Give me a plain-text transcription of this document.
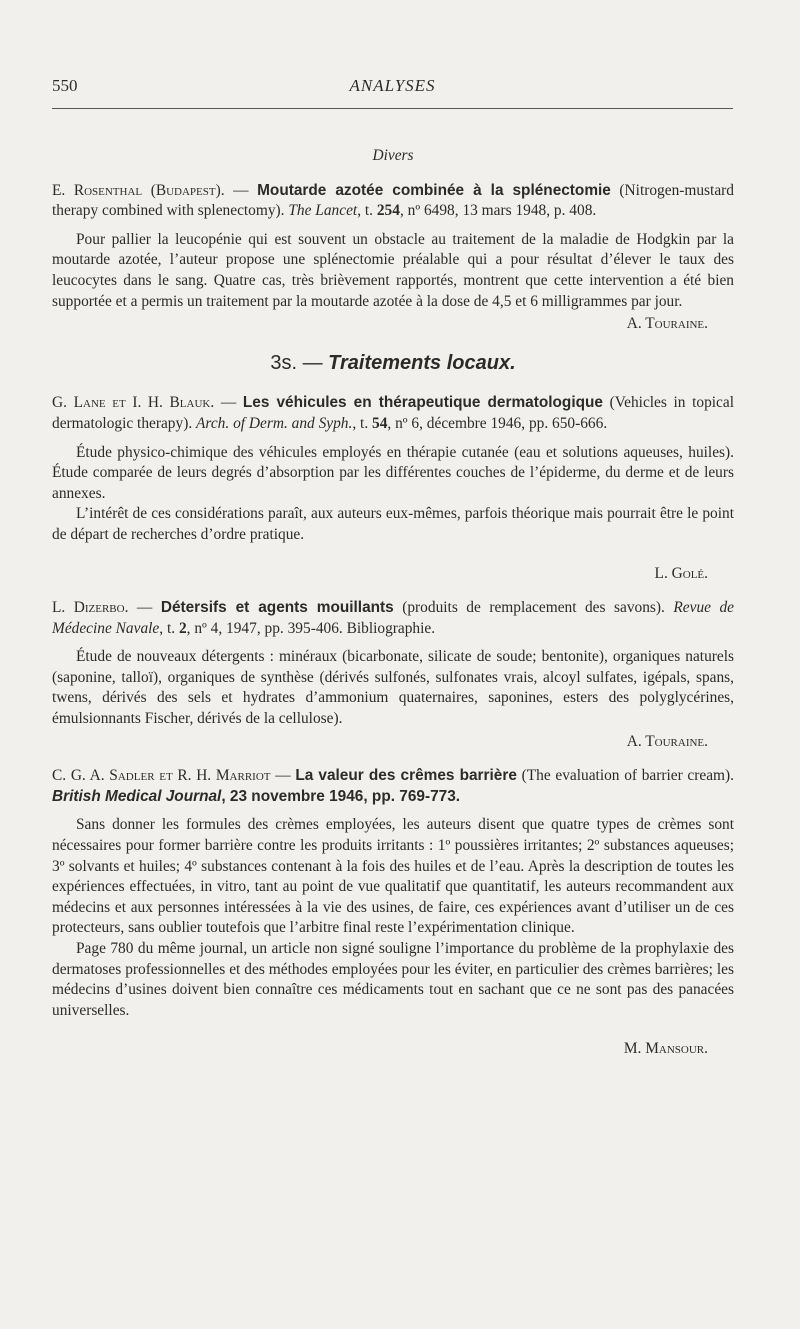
550	ANALYSES
Divers
E. Rosenthal (Budapest). — Moutarde azotée combinée à la splénectomie (Nitrogen-mustard therapy combined with splenectomy). The Lancet, t. 254, nº 6498, 13 mars 1948, p. 408.

Pour pallier la leucopénie qui est souvent un obstacle au traitement de la maladie de Hodgkin par la moutarde azotée, l’auteur propose une splénectomie préalable qui a pour résultat d’élever le taux des leucocytes dans le sang. Quatre cas, très brièvement rapportés, montrent que cette intervention a été bien supportée et a permis un traitement par la moutarde azotée à la dose de 4,5 et 6 milligrammes par jour.

A. Touraine.
3s. — Traitements locaux.
G. Lane et I. H. Blauk. — Les véhicules en thérapeutique dermatologique (Vehicles in topical dermatologic therapy). Arch. of Derm. and Syph., t. 54, nº 6, décembre 1946, pp. 650-666.

Étude physico-chimique des véhicules employés en thérapie cutanée (eau et solutions aqueuses, huiles). Étude comparée de leurs degrés d’absorption par les différentes couches de l’épiderme, du derme et de leurs annexes.

L’intérêt de ces considérations paraît, aux auteurs eux-mêmes, parfois théorique mais pourrait être le point de départ de recherches d’ordre pratique.

L. Golé.
L. Dizerbo. — Détersifs et agents mouillants (produits de remplacement des savons). Revue de Médecine Navale, t. 2, nº 4, 1947, pp. 395-406. Bibliographie.

Étude de nouveaux détergents : minéraux (bicarbonate, silicate de soude; bentonite), organiques naturels (saponine, talloï), organiques de synthèse (dérivés sulfonés, sulfonates vrais, alcoyl sulfates, igépals, spans, twens, dérivés des sels et hydrates d’ammonium quaternaires, saponines, esters des polyglycérines, émulsionnants Fischer, dérivés de la cellulose).

A. Touraine.
C. G. A. Sadler et R. H. Marriot — La valeur des crêmes barrière (The evaluation of barrier cream). British Medical Journal, 23 novembre 1946, pp. 769-773.

Sans donner les formules des crèmes employées, les auteurs disent que quatre types de crèmes sont nécessaires pour former barrière contre les produits irritants : 1º poussières irritantes; 2º substances aqueuses; 3º solvants et huiles; 4º substances contenant à la fois des huiles et de l’eau. Après la description de toutes les expériences effectuées, in vitro, tant au point de vue qualitatif que quantitatif, les auteurs recommandent aux médecins et aux personnes intéressées à la vie des usines, de faire, ces expériences avant d’utiliser un de ces protecteurs, sans oublier toutefois que l’arbitre final reste l’expérimentation clinique.

Page 780 du même journal, un article non signé souligne l’importance du problème de la prophylaxie des dermatoses professionnelles et des méthodes employées pour les éviter, en particulier des crèmes barrières; les médecins d’usines doivent bien connaître ces médicaments tout en sachant que ce ne sont pas des panacées universelles.

M. Mansour.
